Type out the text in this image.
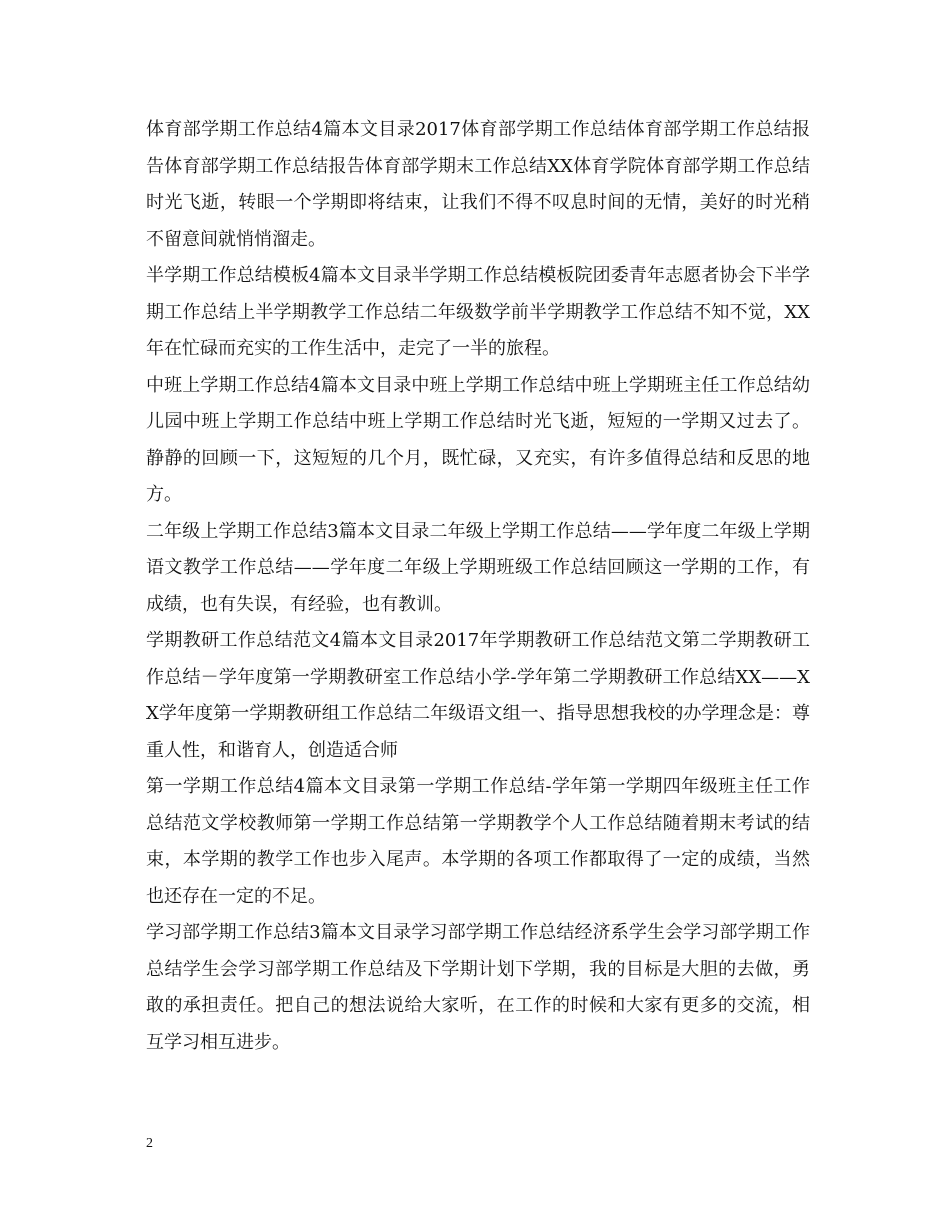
体育部学期工作总结4篇本文目录2017体育部学期工作总结体育部学期工作总结报告体育部学期工作总结报告体育部学期末工作总结XX体育学院体育部学期工作总结时光飞逝，转眼一个学期即将结束，让我们不得不叹息时间的无情，美好的时光稍不留意间就悄悄溜走。

半学期工作总结模板4篇本文目录半学期工作总结模板院团委青年志愿者协会下半学期工作总结上半学期教学工作总结二年级数学前半学期教学工作总结不知不觉，XX年在忙碌而充实的工作生活中，走完了一半的旅程。

中班上学期工作总结4篇本文目录中班上学期工作总结中班上学期班主任工作总结幼儿园中班上学期工作总结中班上学期工作总结时光飞逝，短短的一学期又过去了。静静的回顾一下，这短短的几个月，既忙碌，又充实，有许多值得总结和反思的地方。

二年级上学期工作总结3篇本文目录二年级上学期工作总结——学年度二年级上学期语文教学工作总结——学年度二年级上学期班级工作总结回顾这一学期的工作，有成绩，也有失误，有经验，也有教训。

学期教研工作总结范文4篇本文目录2017年学期教研工作总结范文第二学期教研工作总结－学年度第一学期教研室工作总结小学-学年第二学期教研工作总结XX——XX学年度第一学期教研组工作总结二年级语文组一、指导思想我校的办学理念是：尊重人性，和谐育人，创造适合师

第一学期工作总结4篇本文目录第一学期工作总结-学年第一学期四年级班主任工作总结范文学校教师第一学期工作总结第一学期教学个人工作总结随着期末考试的结束，本学期的教学工作也步入尾声。本学期的各项工作都取得了一定的成绩，当然也还存在一定的不足。

学习部学期工作总结3篇本文目录学习部学期工作总结经济系学生会学习部学期工作总结学生会学习部学期工作总结及下学期计划下学期，我的目标是大胆的去做，勇敢的承担责任。把自己的想法说给大家听，在工作的时候和大家有更多的交流，相互学习相互进步。

2
